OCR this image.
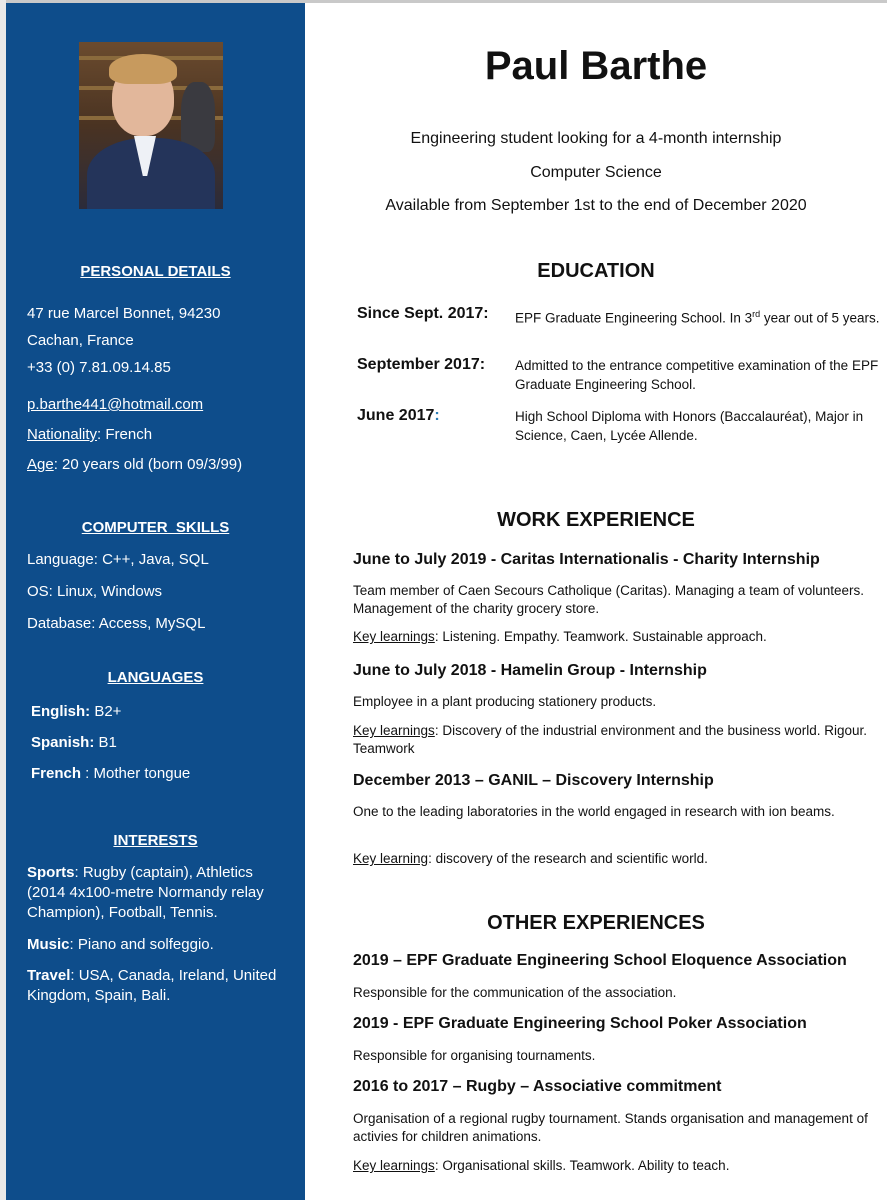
PERSONAL DETAILS
47 rue Marcel Bonnet, 94230
Cachan, France
+33 (0) 7.81.09.14.85
p.barthe441@hotmail.com
Nationality: French
Age: 20 years old (born 09/3/99)
COMPUTER  SKILLS
Language: C++, Java, SQL
OS: Linux, Windows
Database: Access, MySQL
LANGUAGES
English: B2+
Spanish: B1
French : Mother tongue
INTERESTS
Sports: Rugby (captain), Athletics (2014 4x100-metre Normandy relay Champion), Football, Tennis.
Music: Piano and solfeggio.
Travel: USA, Canada, Ireland, United Kingdom, Spain, Bali.
Paul Barthe
Engineering student looking for a 4-month internship
Computer Science
Available from September 1st to the end of December 2020
EDUCATION
Since Sept. 2017: EPF Graduate Engineering School. In 3rd year out of 5 years.
September 2017: Admitted to the entrance competitive examination of the EPF Graduate Engineering School.
June 2017:	High School Diploma with Honors (Baccalauréat), Major in Science, Caen, Lycée Allende.
WORK EXPERIENCE
June to July 2019 - Caritas Internationalis - Charity Internship
Team member of Caen Secours Catholique (Caritas). Managing a team of volunteers. Management of the charity grocery store.
Key learnings: Listening. Empathy. Teamwork. Sustainable approach.
June to July 2018 - Hamelin Group - Internship
Employee in a plant producing stationery products.
Key learnings: Discovery of the industrial environment and the business world. Rigour. Teamwork
December 2013 – GANIL – Discovery Internship
One to the leading laboratories in the world engaged in research with ion beams.
Key learning: discovery of the research and scientific world.
OTHER EXPERIENCES
2019 – EPF Graduate Engineering School Eloquence Association
Responsible for the communication of the association.
2019 - EPF Graduate Engineering School Poker Association
Responsible for organising tournaments.
2016 to 2017 – Rugby – Associative commitment
Organisation of a regional rugby tournament. Stands organisation and management of activies for children animations.
Key learnings: Organisational skills. Teamwork. Ability to teach.
